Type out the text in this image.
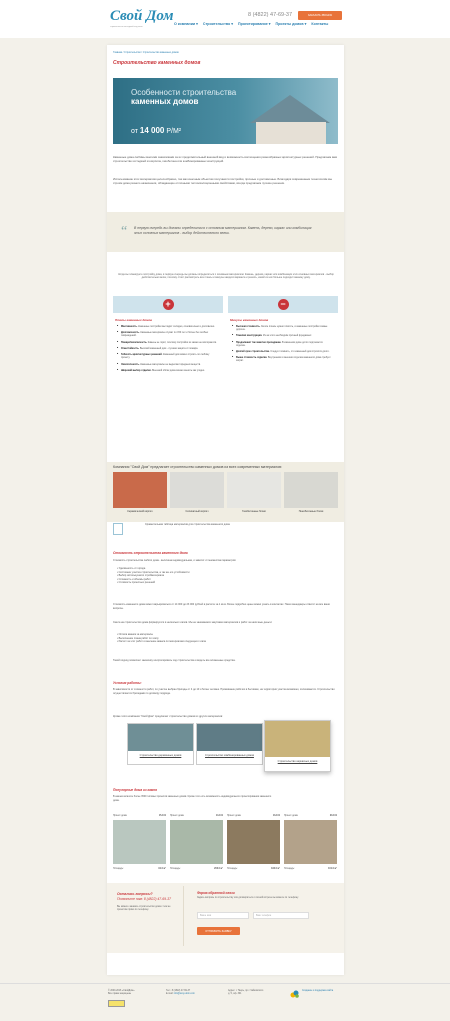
Свой Дом
строительство коттеджей под ключ
О компании ▾ Строительство ▾ Проектирование ▾ Проекты домов ▾ Контакты
8 (4822) 47-69-37	ЗАКАЗАТЬ ЗВОНОК
Главная / Строительство / Строительство каменных домов
Строительство каменных домов
Особенности строительства
каменных домов
от 14 000 Р/М²
Каменные дома любимы многими заказчиками за их продолжительный внешний вид и возможность воплощения разнообразных архитектурных решений. Предлагаем вам строительство коттеджей из кирпича, газобетона или комбинированных конструкций.
Использование этих материалов целесообразно, так как конечным объектом получаются постройки, прочные и долговечные. Благодаря современным технологиям мы строим дома разного назначения, обладающие отличными теплоизоляционными свойствами, всегда предлагаем лучшие решения.
“ В первую очередь вы должны определиться с основным материалом. Камень, дерево, каркас или комбинация этих основных материалов - выбор действительно велик.
Когда вы планируете постройку дома, в первую очередь вы должны определиться с основным материалом. Камень, дерево, каркас или комбинация этих основных материалов - выбор действительно велик, поэтому стоит рассмотреть все плюсы и минусы каждого варианта и решить, какой из них больше подходит вашему дому.
+	−
Плюсы каменных домов	Минусы каменных домов
■ Массивность. Каменные постройки выглядят солидно, основательно и долговечно.
■ Долговечность. Каменные материалы служат по 150 лет и более без особых повреждений.
■ Пожаробезопасность. Камень не горит, поэтому постройки из камня не возгораются.
■ Огнестойкость. Высокий каменный дом - лучшая защита от пожара.
■ Гибкость архитектурных решений. Каменный дом можно строить по любому проекту.
■ Экологичность. Каменные материалы не выделяют вредных веществ.
■ Широкий выбор отделки. Внешний облик дома можно менять как угодно.
■ Высокая стоимость. За все плюсы нужно платить, и каменные постройки самые дорогие.
■ Тяжелая конструкция. Из-за этого необходим прочный фундамент.
■ Продолжают так заметно проседание. В каменном доме долго подгоняется отделка.
■ Долгий срок строительства. Следует помнить, что каменный дом строится долго.
■ Выше стоимость отделки. Внутренняя и внешняя отделка каменного дома требует затрат.
Компания "Свой Дом" предлагает строительство каменных домов из всех современных материалов:
Керамический кирпич	Силикатный кирпич	Газобетонные блоки	Пенобетонные блоки
Сравнительная таблица материалов для строительства каменного дома
Стоимость строительства каменного дома
Стоимость строительства любого дома - величина индивидуальная, и зависит от множества параметров:
• Удалённость от города
• Состояние участка строительства, а так же его устойчивости
• Выбор используемого стройматериала
• Сложность и объёмы работ
• Стоимость проектных решений
Стоимость каменного дома может варьироваться от 14 000 до 23 000 рублей в расчёте за 1 кв.м. Более подробно цены можно узнать в контактах. Наши менеджеры ответят на все ваши вопросы.
Смета на строительство дома формируется в несколько этапов. Мы не занимаемся закупками материалов и работ за наличные деньги:
• Оплата аванса за материалы
• Выполнение плана работ по этапу
• Расчёт за этот работ и внесение аванса по материалам следующего этапа
Такой подход позволяет заказчику контролировать ход строительства и видеть все вложенные средства.
Условия работы:
В зависимости от сложности работ, по участке выбран бригады от 4 до 10 и более человек. Проживание рабочих в бытовках, на территории участка возможно, оплачивается. Строительство осуществляется бригадами по договору подряда.
Кроме этого компания "Свой Дом" предлагает строительство домов из других материалов:
Строительство деревянных домов	Строительство комбинированных домов
Строительство каркасных домов
Популярные дома из камня
В нашем каталоге более 3500 типовых проектов каменных домов. Кроме того есть возможность индивидуального проектирования каменного дома.
Проект дома	15-101
Площадь:	91.0 м²
Проект дома	14-101
Площадь:	203.0 м²
Проект дома	13-101
Площадь:	190.0 м²
Проект дома	20-101
Площадь:	101.0 м²
Остались вопросы?
Позвоните нам: 8 (4822) 47-69-37
Вы можете заказать строительство дома с тем же проектом прямо по телефону.
Форма обратной связи
Задать вопросы по строительству или договориться о личной встрече вы можете по телефону.
Ваше имя	Ваш телефон
ОТПРАВИТЬ ЗАЯВКУ
© 2000-2016 «СвойДом».
Все права защищены
Тел.: 8 (4822) 47-69-37
E-mail: info@svoy-dom.com
Адрес: г. Тверь, пр-т Чайковского
д. 5, оф. 301
Создание и поддержка сайта
